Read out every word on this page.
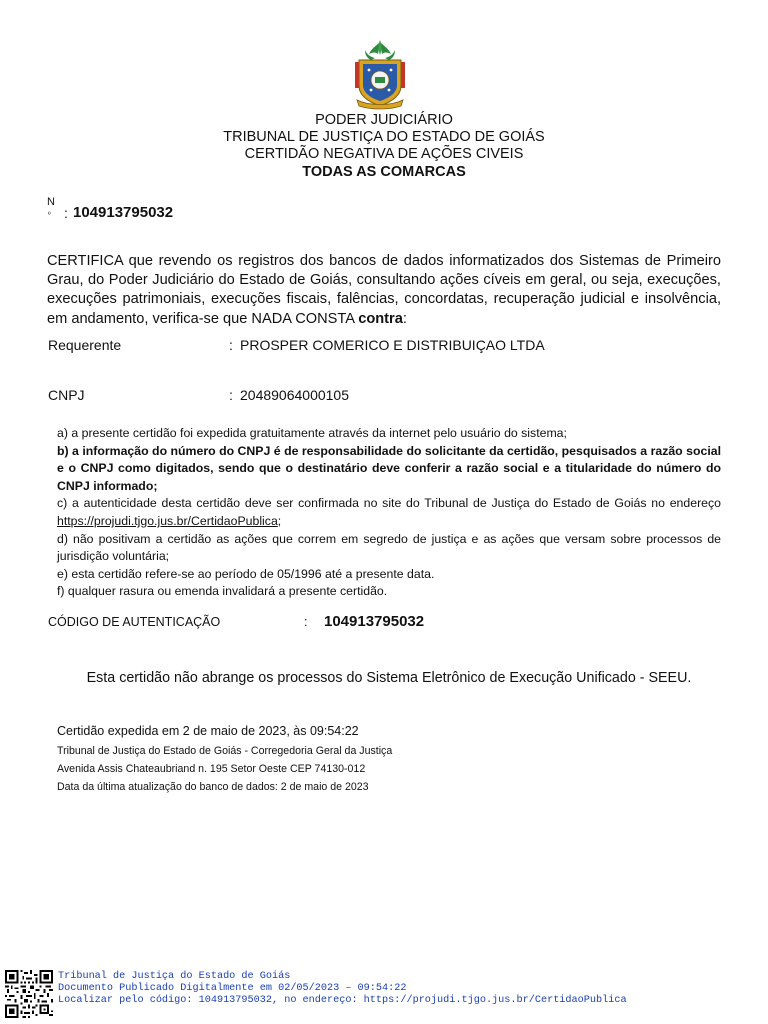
PODER JUDICIÁRIO
TRIBUNAL DE JUSTIÇA DO ESTADO DE GOIÁS
CERTIDÃO NEGATIVA DE AÇÕES CIVEIS
TODAS AS COMARCAS
N
º : 104913795032
CERTIFICA que revendo os registros dos bancos de dados informatizados dos Sistemas de Primeiro Grau, do Poder Judiciário do Estado de Goiás, consultando ações cíveis em geral, ou seja, execuções, execuções patrimoniais, execuções fiscais, falências, concordatas, recuperação judicial e insolvência, em andamento, verifica-se que NADA CONSTA contra:
Requerente	: PROSPER COMERICO E DISTRIBUIÇAO LTDA
CNPJ	: 20489064000105

a) a presente certidão foi expedida gratuitamente através da internet pelo usuário do sistema;

b) a informação do número do CNPJ é de responsabilidade do solicitante da certidão, pesquisados a razão social e o CNPJ como digitados, sendo que o destinatário deve conferir a razão social e a titularidade do número do CNPJ informado;

c) a autenticidade desta certidão deve ser confirmada no site do Tribunal de Justiça do Estado de Goiás no endereço https://projudi.tjgo.jus.br/CertidaoPublica;

d) não positivam a certidão as ações que correm em segredo de justiça e as ações que versam sobre processos de jurisdição voluntária;

e) esta certidão refere-se ao período de 05/1996 até a presente data.

f) qualquer rasura ou emenda invalidará a presente certidão.

CÓDIGO DE AUTENTICAÇÃO	: 104913795032
Esta certidão não abrange os processos do Sistema Eletrônico de Execução Unificado - SEEU.
Certidão expedida em 2 de maio de 2023, às 09:54:22
Tribunal de Justiça do Estado de Goiás - Corregedoria Geral da Justiça
Avenida Assis Chateaubriand n. 195 Setor Oeste CEP 74130-012
Data da última atualização do banco de dados: 2 de maio de 2023
Tribunal de Justiça do Estado de Goiás
Documento Publicado Digitalmente em 02/05/2023 – 09:54:22
Localizar pelo código: 104913795032, no endereço: https://projudi.tjgo.jus.br/CertidaoPublica
